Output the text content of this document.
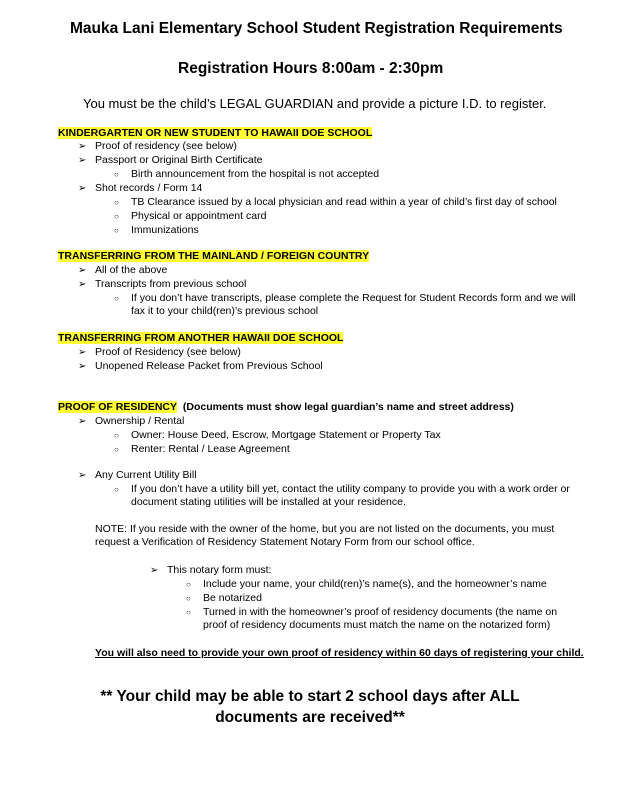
Mauka Lani Elementary School Student Registration Requirements
Registration Hours 8:00am - 2:30pm
You must be the child’s LEGAL GUARDIAN and provide a picture I.D. to register.
KINDERGARTEN OR NEW STUDENT TO HAWAII DOE SCHOOL
➢ Proof of residency (see below)
➢ Passport or Original Birth Certificate
○ Birth announcement from the hospital is not accepted
➢ Shot records / Form 14
○ TB Clearance issued by a local physician and read within a year of child’s first day of school
○ Physical or appointment card
○ Immunizations
TRANSFERRING FROM THE MAINLAND / FOREIGN COUNTRY
➢ All of the above
➢ Transcripts from previous school
○ If you don’t have transcripts, please complete the Request for Student Records form and we will fax it to your child(ren)’s previous school
TRANSFERRING FROM ANOTHER HAWAII DOE SCHOOL
➢ Proof of Residency (see below)
➢ Unopened Release Packet from Previous School
PROOF OF RESIDENCY (Documents must show legal guardian’s name and street address)
➢ Ownership / Rental
○ Owner: House Deed, Escrow, Mortgage Statement or Property Tax
○ Renter: Rental / Lease Agreement
➢ Any Current Utility Bill
○ If you don’t have a utility bill yet, contact the utility company to provide you with a work order or document stating utilities will be installed at your residence.
NOTE: If you reside with the owner of the home, but you are not listed on the documents, you must request a Verification of Residency Statement Notary Form from our school office.
➢ This notary form must:
○ Include your name, your child(ren)’s name(s), and the homeowner’s name
○ Be notarized
○ Turned in with the homeowner’s proof of residency documents (the name on proof of residency documents must match the name on the notarized form)
You will also need to provide your own proof of residency within 60 days of registering your child.
** Your child may be able to start 2 school days after ALL documents are received**
